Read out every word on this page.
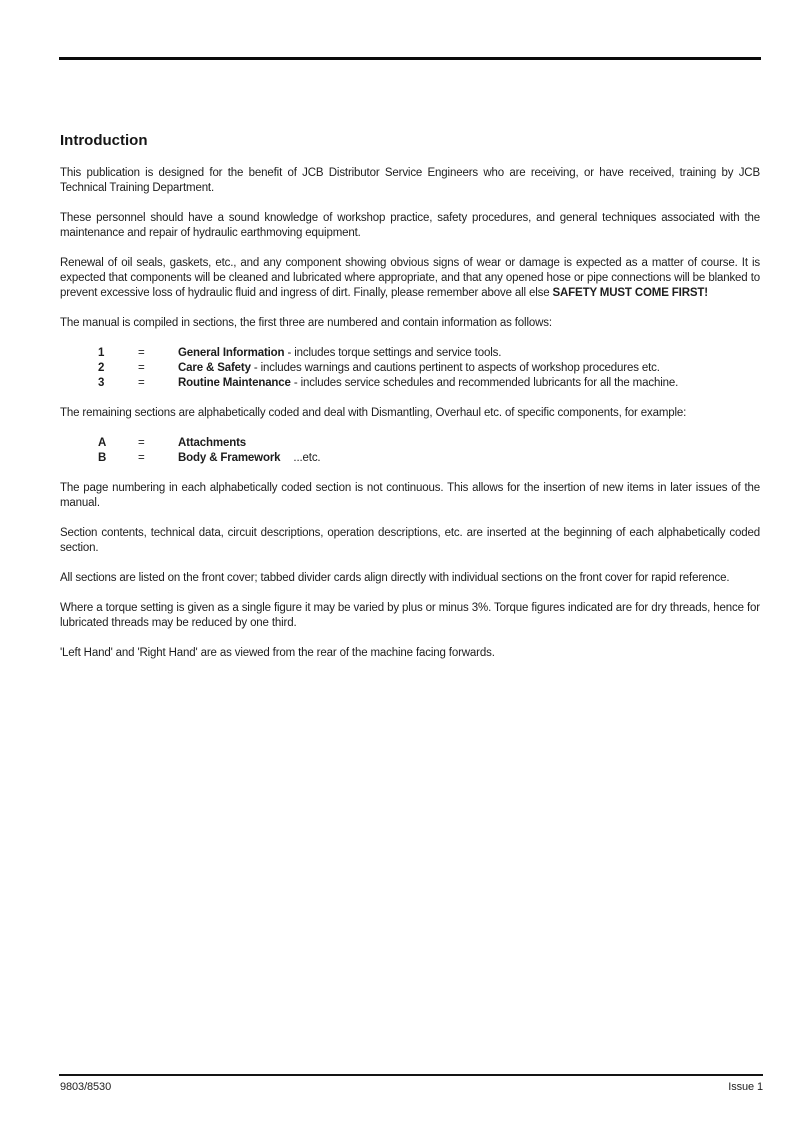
Introduction

This publication is designed for the benefit of JCB Distributor Service Engineers who are receiving, or have received, training by JCB Technical Training Department.

These personnel should have a sound knowledge of workshop practice, safety procedures, and general techniques associated with the maintenance and repair of hydraulic earthmoving equipment.

Renewal of oil seals, gaskets, etc., and any component showing obvious signs of wear or damage is expected as a matter of course. It is expected that components will be cleaned and lubricated where appropriate, and that any opened hose or pipe connections will be blanked to prevent excessive loss of hydraulic fluid and ingress of dirt. Finally, please remember above all else SAFETY MUST COME FIRST!

The manual is compiled in sections, the first three are numbered and contain information as follows:

1	=	General Information - includes torque settings and service tools.
2	=	Care & Safety - includes warnings and cautions pertinent to aspects of workshop procedures etc.
3	=	Routine Maintenance - includes service schedules and recommended lubricants for all the machine.

The remaining sections are alphabetically coded and deal with Dismantling, Overhaul etc. of specific components, for example:

A	=	Attachments
B	=	Body & Framework ...etc.

The page numbering in each alphabetically coded section is not continuous. This allows for the insertion of new items in later issues of the manual.

Section contents, technical data, circuit descriptions, operation descriptions, etc. are inserted at the beginning of each alphabetically coded section.

All sections are listed on the front cover; tabbed divider cards align directly with individual sections on the front cover for rapid reference.

Where a torque setting is given as a single figure it may be varied by plus or minus 3%. Torque figures indicated are for dry threads, hence for lubricated threads may be reduced by one third.

'Left Hand' and 'Right Hand' are as viewed from the rear of the machine facing forwards.

9803/8530	Issue 1
